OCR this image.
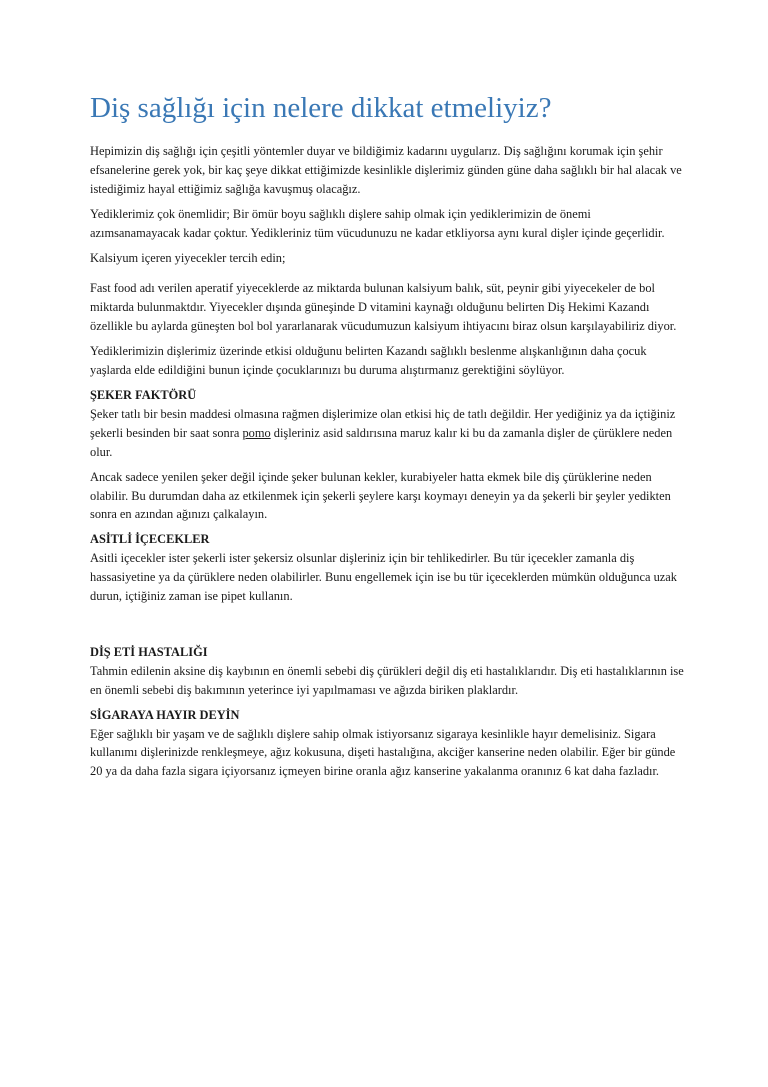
Diş sağlığı için nelere dikkat etmeliyiz?

Hepimizin diş sağlığı için çeşitli yöntemler duyar ve bildiğimiz kadarını uygularız. Diş sağlığını korumak için şehir efsanelerine gerek yok, bir kaç şeye dikkat ettiğimizde kesinlikle dişlerimiz günden güne daha sağlıklı bir hal alacak ve istediğimiz hayal ettiğimiz sağlığa kavuşmuş olacağız.

Yediklerimiz çok önemlidir; Bir ömür boyu sağlıklı dişlere sahip olmak için yediklerimizin de önemi azımsanamayacak kadar çoktur. Yedikleriniz tüm vücudunuzu ne kadar etkliyorsa aynı kural dişler içinde geçerlidir.

Kalsiyum içeren yiyecekler tercih edin;

Fast food adı verilen aperatif yiyeceklerde az miktarda bulunan kalsiyum balık, süt, peynir gibi yiyecekeler de bol miktarda bulunmaktdır. Yiyecekler dışında güneşinde D vitamini kaynağı olduğunu belirten Diş Hekimi Kazandı özellikle bu aylarda güneşten bol bol yararlanarak vücudumuzun kalsiyum ihtiyacını biraz olsun karşılayabiliriz diyor.

Yediklerimizin dişlerimiz üzerinde etkisi olduğunu belirten Kazandı sağlıklı beslenme alışkanlığının daha çocuk yaşlarda elde edildiğini bunun içinde çocuklarınızı bu duruma alıştırmanız gerektiğini söylüyor.

ŞEKER FAKTÖRÜ

Şeker tatlı bir besin maddesi olmasına rağmen dişlerimize olan etkisi hiç de tatlı değildir. Her yediğiniz ya da içtiğiniz şekerli besinden bir saat sonra pomo dişleriniz asid saldırısına maruz kalır ki bu da zamanla dişler de çürüklere neden olur.

Ancak sadece yenilen şeker değil içinde şeker bulunan kekler, kurabiyeler hatta ekmek bile diş çürüklerine neden olabilir. Bu durumdan daha az etkilenmek için şekerli şeylere karşı koymayı deneyin ya da şekerli bir şeyler yedikten sonra en azından ağınızı çalkalayın.

ASİTLİ İÇECEKLER

Asitli içecekler ister şekerli ister şekersiz olsunlar dişleriniz için bir tehlikedirler. Bu tür içecekler zamanla diş hassasiyetine ya da çürüklere neden olabilirler. Bunu engellemek için ise bu tür içeceklerden mümkün olduğunca uzak durun, içtiğiniz zaman ise pipet kullanın.

DİŞ ETİ HASTALIĞI

Tahmin edilenin aksine diş kaybının en önemli sebebi diş çürükleri değil diş eti hastalıklarıdır. Diş eti hastalıklarının ise en önemli sebebi diş bakımının yeterince iyi yapılmaması ve ağızda biriken plaklardır.

SİGARAYA HAYIR DEYİN

Eğer sağlıklı bir yaşam ve de sağlıklı dişlere sahip olmak istiyorsanız sigaraya kesinlikle hayır demelisiniz. Sigara kullanımı dişlerinizde renkleşmeye, ağız kokusuna, dişeti hastalığına, akciğer kanserine neden olabilir. Eğer bir günde 20 ya da daha fazla sigara içiyorsanız içmeyen birine oranla ağız kanserine yakalanma oranınız 6 kat daha fazladır.
